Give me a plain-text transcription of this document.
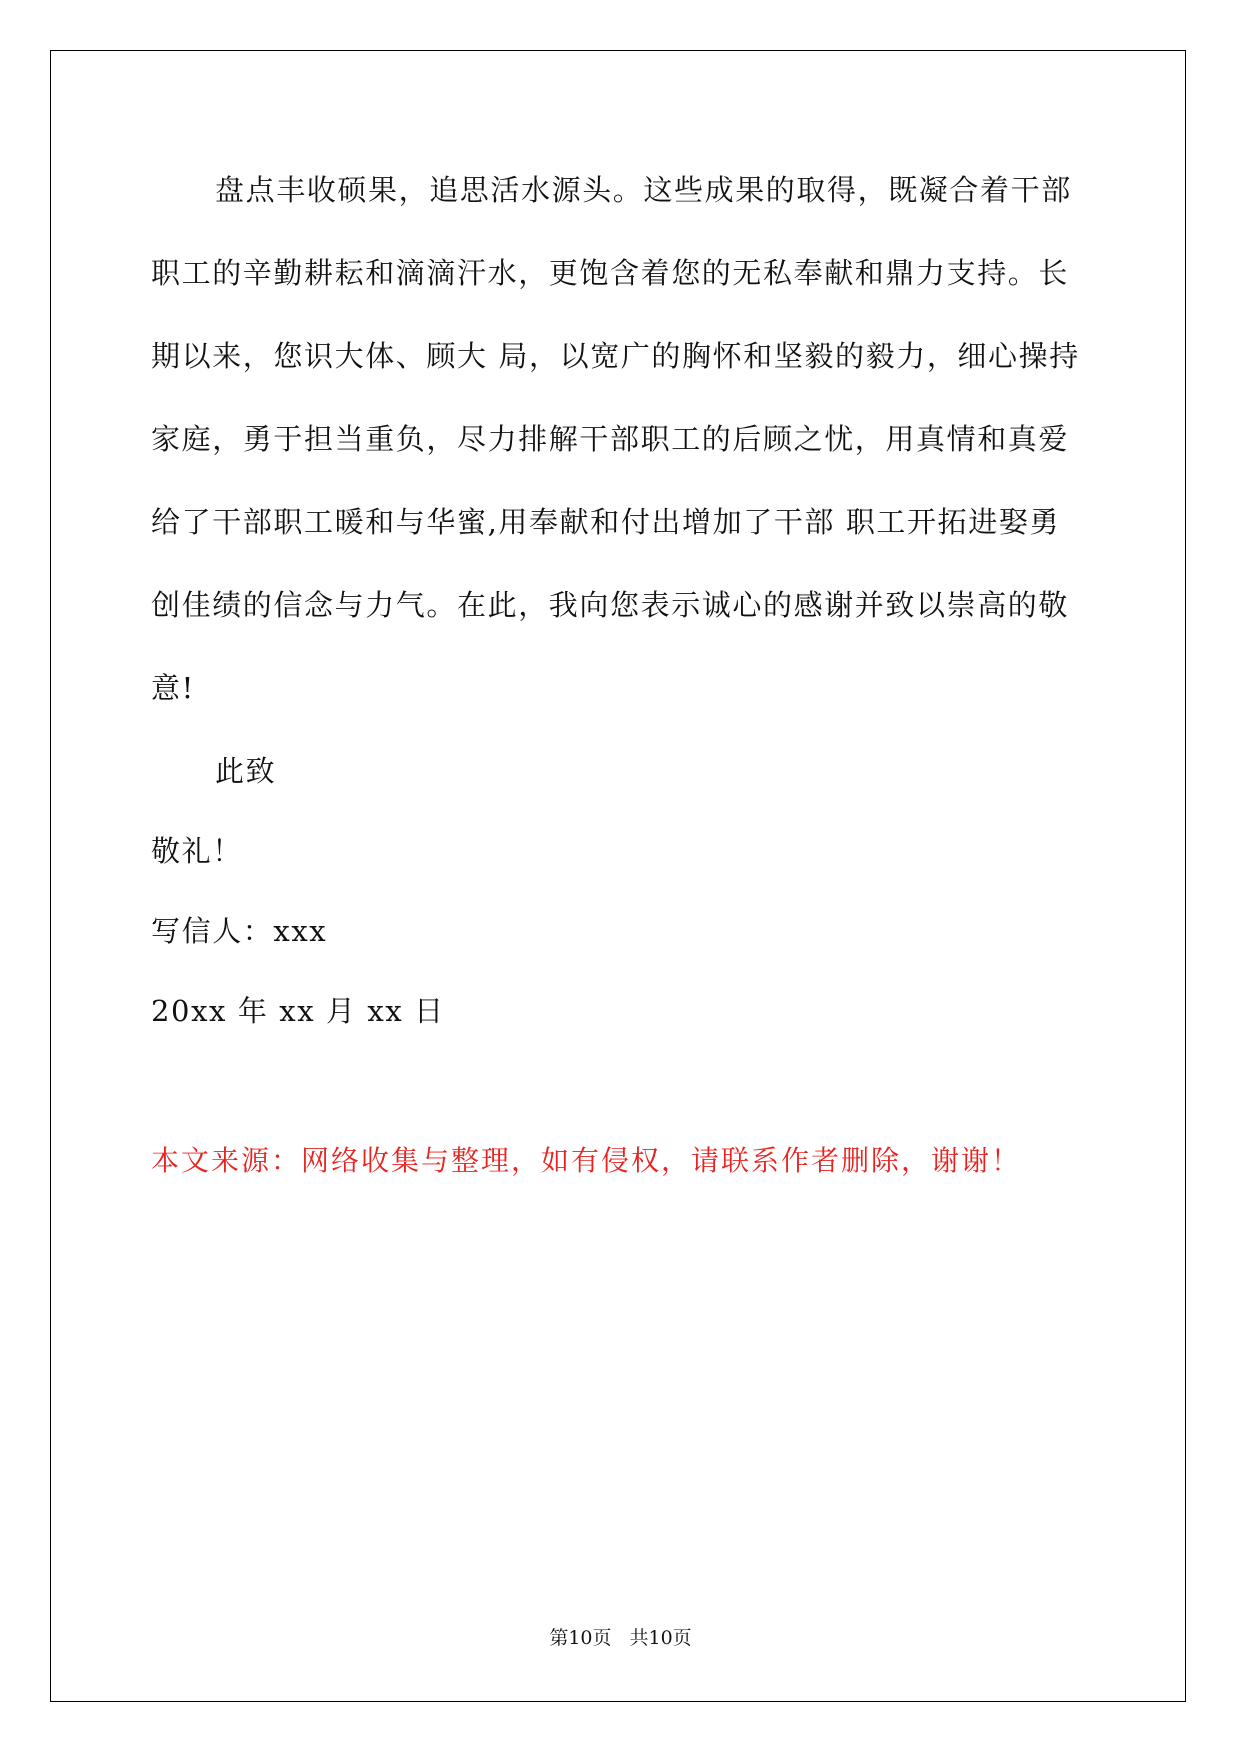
盘点丰收硕果，追思活水源头。这些成果的取得，既凝合着干部
职工的辛勤耕耘和滴滴汗水，更饱含着您的无私奉献和鼎力支持。长
期以来，您识大体、顾大 局，以宽广的胸怀和坚毅的毅力，细心操持
家庭，勇于担当重负，尽力排解干部职工的后顾之忧，用真情和真爱
给了干部职工暖和与华蜜,用奉献和付出增加了干部 职工开拓进娶勇
创佳绩的信念与力气。在此，我向您表示诚心的感谢并致以崇高的敬
意!
此致
敬礼！
写信人：xxx
20xx 年 xx 月 xx 日
本文来源：网络收集与整理，如有侵权，请联系作者删除，谢谢！
第10页 共10页
